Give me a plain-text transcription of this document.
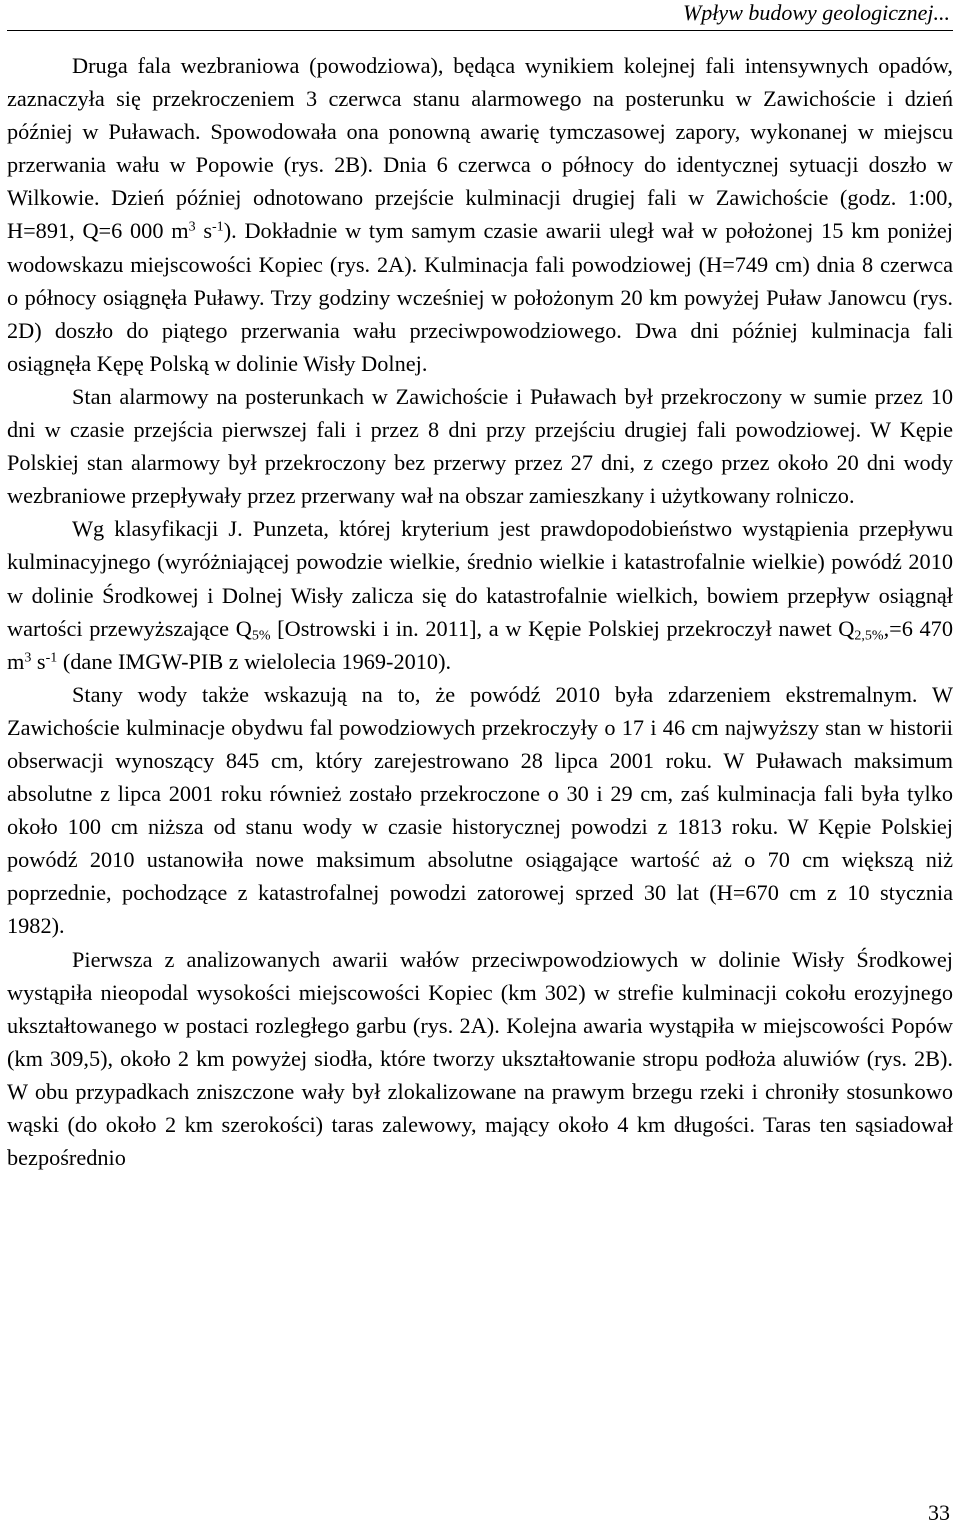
Wpływ budowy geologicznej...

Druga fala wezbraniowa (powodziowa), będąca wynikiem kolejnej fali intensywnych opadów, zaznaczyła się przekroczeniem 3 czerwca stanu alarmowego na posterunku w Zawichoście i dzień później w Puławach. Spowodowała ona ponowną awarię tymczasowej zapory, wykonanej w miejscu przerwania wału w Popowie (rys. 2B). Dnia 6 czerwca o północy do identycznej sytuacji doszło w Wilkowie. Dzień później odnotowano przejście kulminacji drugiej fali w Zawichoście (godz. 1:00, H=891, Q=6 000 $m^3$ $s^{-1}$). Dokładnie w tym samym czasie awarii uległ wał w położonej 15 km poniżej wodowskazu miejscowości Kopiec (rys. 2A). Kulminacja fali powodziowej (H=749 cm) dnia 8 czerwca o północy osiągnęła Puławy. Trzy godziny wcześniej w położonym 20 km powyżej Puław Janowcu (rys. 2D) doszło do piątego przerwania wału przeciwpowodziowego. Dwa dni później kulminacja fali osiągnęła Kępę Polską w dolinie Wisły Dolnej.

Stan alarmowy na posterunkach w Zawichoście i Puławach był przekroczony w sumie przez 10 dni w czasie przejścia pierwszej fali i przez 8 dni przy przejściu drugiej fali powodziowej. W Kępie Polskiej stan alarmowy był przekroczony bez przerwy przez 27 dni, z czego przez około 20 dni wody wezbraniowe przepływały przez przerwany wał na obszar zamieszkany i użytkowany rolniczo.

Wg klasyfikacji J. Punzeta, której kryterium jest prawdopodobieństwo wystąpienia przepływu kulminacyjnego (wyróżniającej powodzie wielkie, średnio wielkie i katastrofalnie wielkie) powódź 2010 w dolinie Środkowej i Dolnej Wisły zalicza się do katastrofalnie wielkich, bowiem przepływ osiągnął wartości przewyższające $Q_{5\%}$ [Ostrowski i in. 2011], a w Kępie Polskiej przekroczył nawet $Q_{2,5\%},=6$ 470 $m^3$ $s^{-1}$ (dane IMGW-PIB z wielolecia 1969-2010).

Stany wody także wskazują na to, że powódź 2010 była zdarzeniem ekstremalnym. W Zawichoście kulminacje obydwu fal powodziowych przekroczyły o 17 i 46 cm najwyższy stan w historii obserwacji wynoszący 845 cm, który zarejestrowano 28 lipca 2001 roku. W Puławach maksimum absolutne z lipca 2001 roku również zostało przekroczone o 30 i 29 cm, zaś kulminacja fali była tylko około 100 cm niższa od stanu wody w czasie historycznej powodzi z 1813 roku. W Kępie Polskiej powódź 2010 ustanowiła nowe maksimum absolutne osiągające wartość aż o 70 cm większą niż poprzednie, pochodzące z katastrofalnej powodzi zatorowej sprzed 30 lat (H=670 cm z 10 stycznia 1982).

Pierwsza z analizowanych awarii wałów przeciwpowodziowych w dolinie Wisły Środkowej wystąpiła nieopodal wysokości miejscowości Kopiec (km 302) w strefie kulminacji cokołu erozyjnego ukształtowanego w postaci rozległego garbu (rys. 2A). Kolejna awaria wystąpiła w miejscowości Popów (km 309,5), około 2 km powyżej siodła, które tworzy ukształtowanie stropu podłoża aluwiów (rys. 2B). W obu przypadkach zniszczone wały był zlokalizowane na prawym brzegu rzeki i chroniły stosunkowo wąski (do około 2 km szerokości) taras zalewowy, mający około 4 km długości. Taras ten sąsiadował bezpośrednio

33
